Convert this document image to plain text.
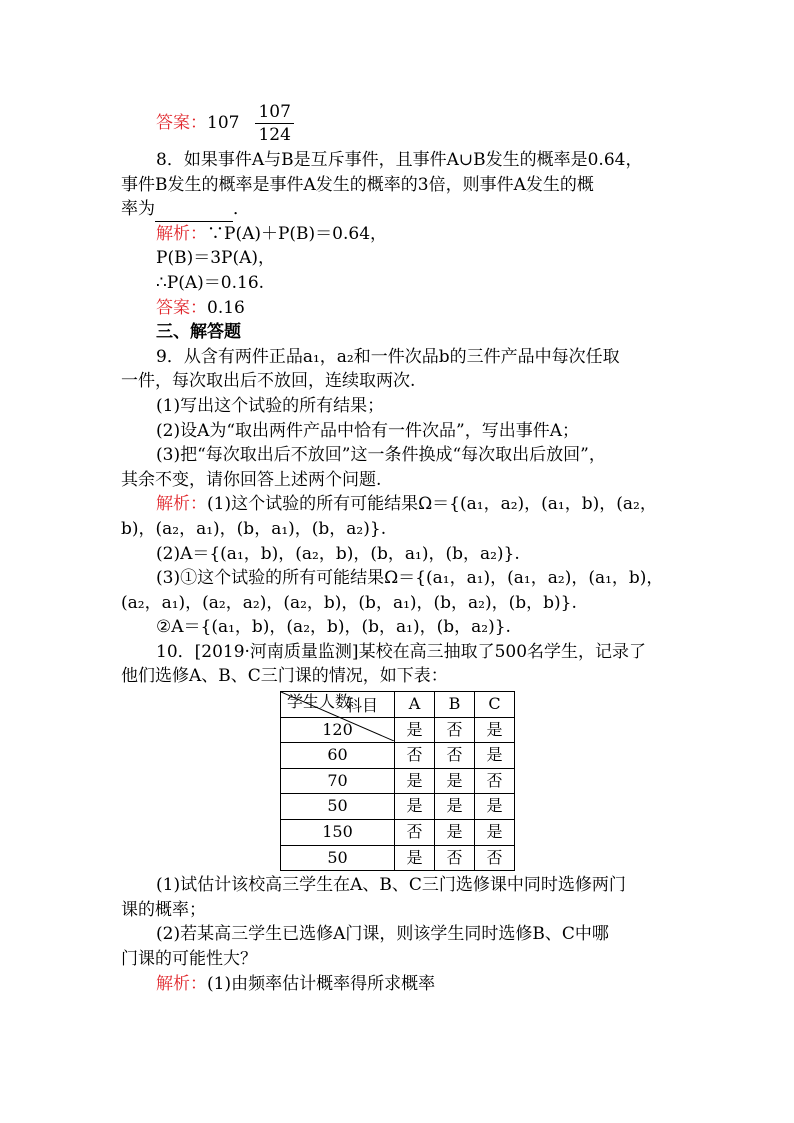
答案： $107 \frac{107}{124}$
8．如果事件A与B是互斥事件，且事件A∪B发生的概率是0.64，
事件B发生的概率是事件A发生的概率的3倍，则事件A发生的概
率为	．
解析：∵P(A)＋P(B)＝0.64，
P(B)＝3P(A)，
∴P(A)＝0.16.
答案：0.16
三、解答题
9．从含有两件正品a₁，a₂和一件次品b的三件产品中每次任取
一件，每次取出后不放回，连续取两次.
(1)写出这个试验的所有结果；
(2)设A为“取出两件产品中恰有一件次品”，写出事件A；
(3)把“每次取出后不放回”这一条件换成“每次取出后放回”，
其余不变，请你回答上述两个问题.
解析：(1)这个试验的所有可能结果Ω＝{(a₁，a₂)，(a₁，b)，(a₂，
b)，(a₂，a₁)，(b，a₁)，(b，a₂)}.
(2)A＝{(a₁，b)，(a₂，b)，(b，a₁)，(b，a₂)}.
(3)①这个试验的所有可能结果Ω＝{(a₁，a₁)，(a₁，a₂)，(a₁，b)，
(a₂，a₁)，(a₂，a₂)，(a₂，b)，(b，a₁)，(b，a₂)，(b，b)}.
②A＝{(a₁，b)，(a₂，b)，(b，a₁)，(b，a₂)}.
10．[2019·河南质量监测]某校在高三抽取了500名学生，记录了
他们选修A、B、C三门课的情况，如下表：
科目
学生人数	A	B	C
120	是	否	是
60	否	否	是
70	是	是	否
50	是	是	是
150	否	是	是
50	是	否	否
(1)试估计该校高三学生在A、B、C三门选修课中同时选修两门
课的概率；
(2)若某高三学生已选修A门课，则该学生同时选修B、C中哪
门课的可能性大？
解析：(1)由频率估计概率得所求概率
